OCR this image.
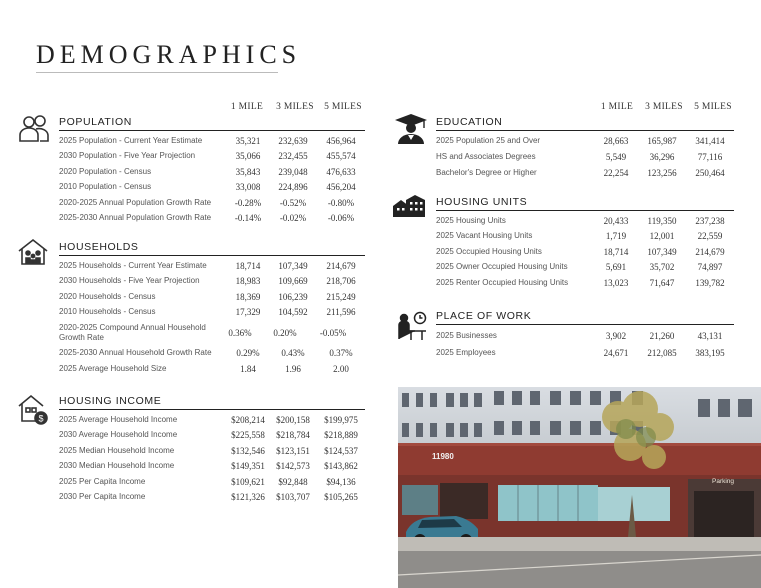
DEMOGRAPHICS
1 MILE	3 MILES	5 MILES	1 MILE	3 MILES	5 MILES
$
POPULATION
2025 Population - Current Year Estimate	35,321	232,639	456,964
2030 Population - Five Year Projection	35,066	232,455	455,574
2020 Population - Census	35,843	239,048	476,633
2010 Population - Census	33,008	224,896	456,204
2020-2025 Annual Population Growth Rate	-0.28%	-0.52%	-0.80%
2025-2030 Annual Population Growth Rate	-0.14%	-0.02%	-0.06%
HOUSEHOLDS
2025 Households - Current Year Estimate	18,714	107,349	214,679
2030 Households - Five Year Projection	18,983	109,669	218,706
2020 Households - Census	18,369	106,239	215,249
2010 Households - Census	17,329	104,592	211,596
2020-2025 Compound Annual Household Growth Rate	0.36%	0.20%	-0.05%
2025-2030 Annual Household Growth Rate	0.29%	0.43%	0.37%
2025 Average Household Size	1.84	1.96	2.00
HOUSING INCOME
2025 Average Household Income	$208,214	$200,158	$199,975
2030 Average Household Income	$225,558	$218,784	$218,889
2025 Median Household Income	$132,546	$123,151	$124,537
2030 Median Household Income	$149,351	$142,573	$143,862
2025 Per Capita Income	$109,621	$92,848	$94,136
2030 Per Capita Income	$121,326	$103,707	$105,265
EDUCATION
2025 Population 25 and Over	28,663	165,987	341,414
HS and Associates Degrees	5,549	36,296	77,116
Bachelor's Degree or Higher	22,254	123,256	250,464
HOUSING UNITS
2025 Housing Units	20,433	119,350	237,238
2025 Vacant Housing Units	1,719	12,001	22,559
2025 Occupied Housing Units	18,714	107,349	214,679
2025 Owner Occupied Housing Units	5,691	35,702	74,897
2025 Renter Occupied Housing Units	13,023	71,647	139,782
PLACE OF WORK
2025 Businesses	3,902	21,260	43,131
2025 Employees	24,671	212,085	383,195
11980
Parking
